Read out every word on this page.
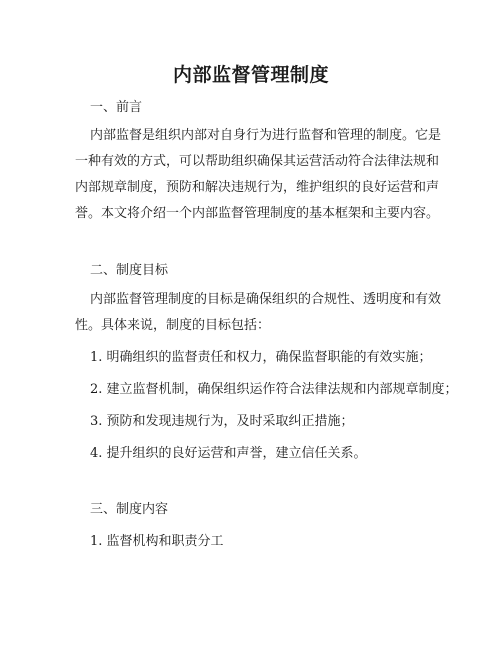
内部监督管理制度
一、前言
内部监督是组织内部对自身行为进行监督和管理的制度。它是
一种有效的方式，可以帮助组织确保其运营活动符合法律法规和
内部规章制度，预防和解决违规行为，维护组织的良好运营和声
誉。本文将介绍一个内部监督管理制度的基本框架和主要内容。
二、制度目标
内部监督管理制度的目标是确保组织的合规性、透明度和有效
性。具体来说，制度的目标包括：
1. 明确组织的监督责任和权力，确保监督职能的有效实施；
2. 建立监督机制，确保组织运作符合法律法规和内部规章制度；
3. 预防和发现违规行为，及时采取纠正措施；
4. 提升组织的良好运营和声誉，建立信任关系。
三、制度内容
1. 监督机构和职责分工
